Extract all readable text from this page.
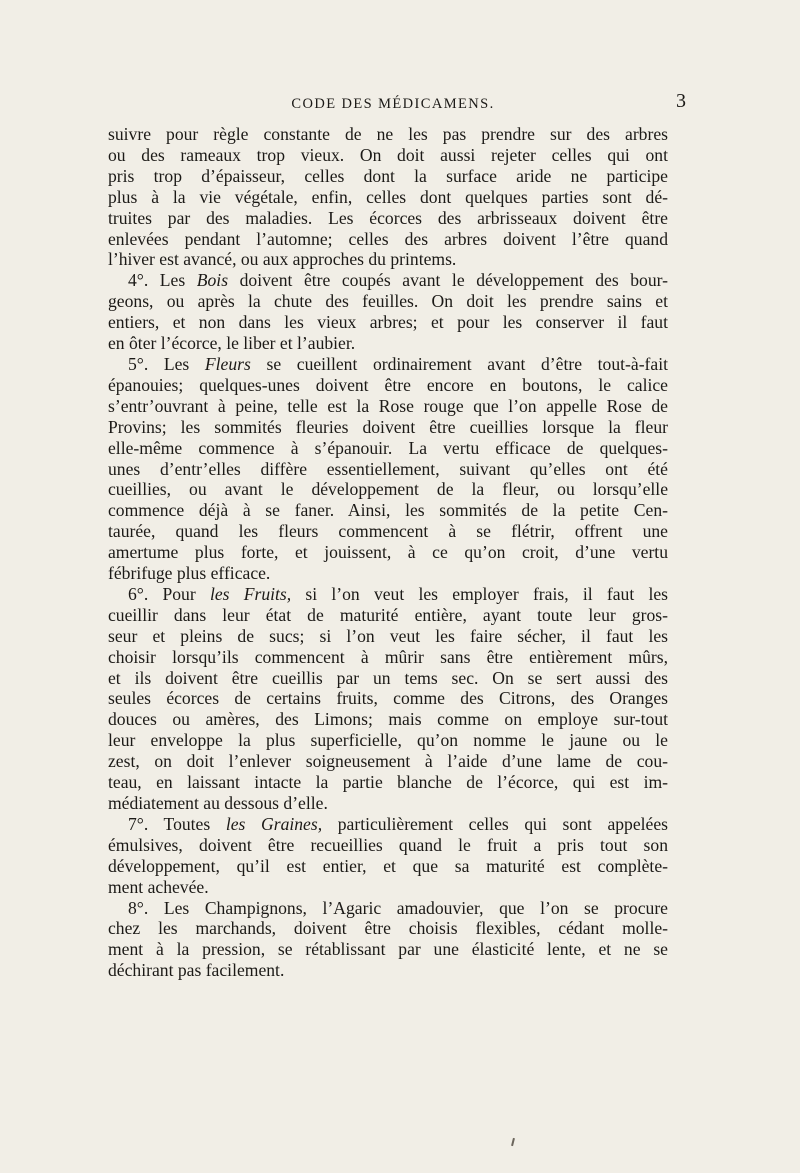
CODE DES MÉDICAMENS.	3
suivre pour règle constante de ne les pas prendre sur des arbres
ou des rameaux trop vieux. On doit aussi rejeter celles qui ont
pris trop d’épaisseur, celles dont la surface aride ne participe
plus à la vie végétale, enfin, celles dont quelques parties sont dé-
truites par des maladies. Les écorces des arbrisseaux doivent être
enlevées pendant l’automne; celles des arbres doivent l’être quand
l’hiver est avancé, ou aux approches du printems.
4°. Les Bois doivent être coupés avant le développement des bour-
geons, ou après la chute des feuilles. On doit les prendre sains et
entiers, et non dans les vieux arbres; et pour les conserver il faut
en ôter l’écorce, le liber et l’aubier.
5°. Les Fleurs se cueillent ordinairement avant d’être tout-à-fait
épanouies; quelques-unes doivent être encore en boutons, le calice
s’entr’ouvrant à peine, telle est la Rose rouge que l’on appelle Rose de
Provins; les sommités fleuries doivent être cueillies lorsque la fleur
elle-même commence à s’épanouir. La vertu efficace de quelques-
unes d’entr’elles diffère essentiellement, suivant qu’elles ont été
cueillies, ou avant le développement de la fleur, ou lorsqu’elle
commence déjà à se faner. Ainsi, les sommités de la petite Cen-
taurée, quand les fleurs commencent à se flétrir, offrent une
amertume plus forte, et jouissent, à ce qu’on croit, d’une vertu
fébrifuge plus efficace.
6°. Pour les Fruits, si l’on veut les employer frais, il faut les
cueillir dans leur état de maturité entière, ayant toute leur gros-
seur et pleins de sucs; si l’on veut les faire sécher, il faut les
choisir lorsqu’ils commencent à mûrir sans être entièrement mûrs,
et ils doivent être cueillis par un tems sec. On se sert aussi des
seules écorces de certains fruits, comme des Citrons, des Oranges
douces ou amères, des Limons; mais comme on employe sur-tout
leur enveloppe la plus superficielle, qu’on nomme le jaune ou le
zest, on doit l’enlever soigneusement à l’aide d’une lame de cou-
teau, en laissant intacte la partie blanche de l’écorce, qui est im-
médiatement au dessous d’elle.
7°. Toutes les Graines, particulièrement celles qui sont appelées
émulsives, doivent être recueillies quand le fruit a pris tout son
développement, qu’il est entier, et que sa maturité est complète-
ment achevée.
8°. Les Champignons, l’Agaric amadouvier, que l’on se procure
chez les marchands, doivent être choisis flexibles, cédant molle-
ment à la pression, se rétablissant par une élasticité lente, et ne se
déchirant pas facilement.
